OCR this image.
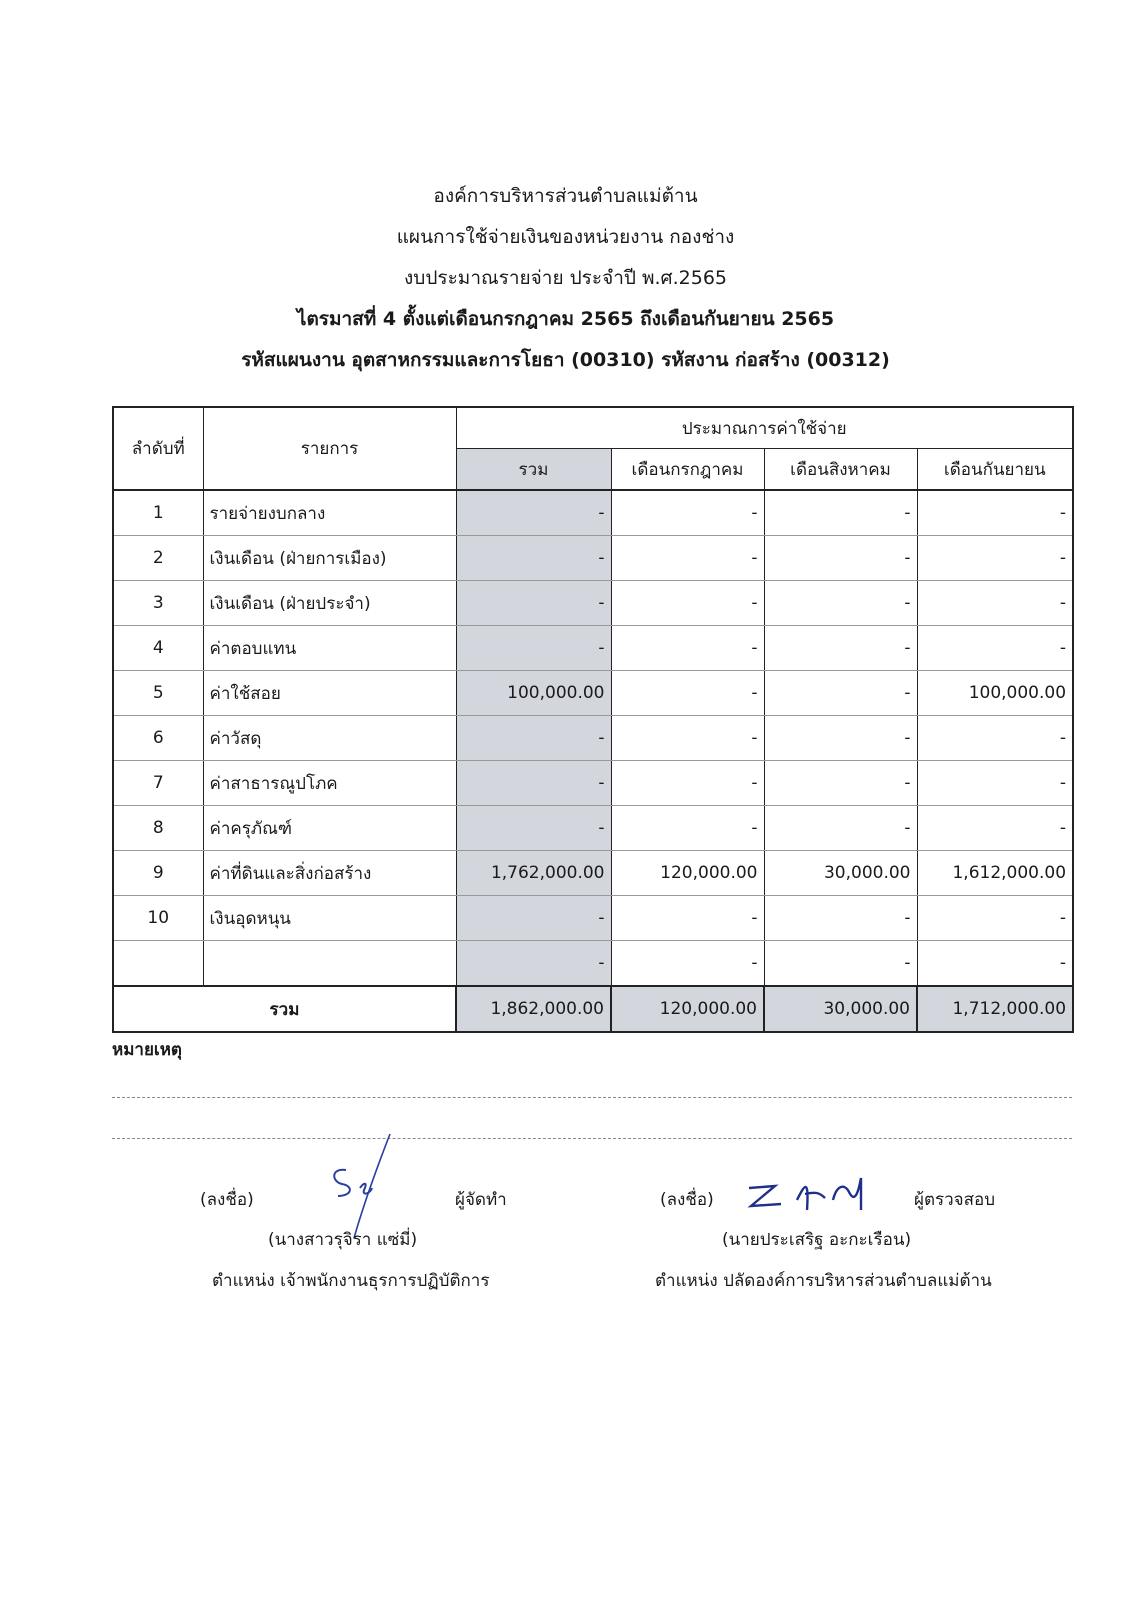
องค์การบริหารส่วนตำบลแม่ต้าน
แผนการใช้จ่ายเงินของหน่วยงาน กองช่าง
งบประมาณรายจ่าย ประจำปี พ.ศ.2565
ไตรมาสที่ 4 ตั้งแต่เดือนกรกฎาคม 2565 ถึงเดือนกันยายน 2565
รหัสแผนงาน อุตสาหกรรมและการโยธา (00310) รหัสงาน ก่อสร้าง (00312)
ลำดับที่	รายการ	ประมาณการค่าใช้จ่าย			
		รวม	เดือนกรกฎาคม	เดือนสิงหาคม	เดือนกันยายน
1	รายจ่ายงบกลาง	-	-	-	-
2	เงินเดือน (ฝ่ายการเมือง)	-	-	-	-
3	เงินเดือน (ฝ่ายประจำ)	-	-	-	-
4	ค่าตอบแทน	-	-	-	-
5	ค่าใช้สอย	100,000.00	-	-	100,000.00
6	ค่าวัสดุ	-	-	-	-
7	ค่าสาธารณูปโภค	-	-	-	-
8	ค่าครุภัณฑ์	-	-	-	-
9	ค่าที่ดินและสิ่งก่อสร้าง	1,762,000.00	120,000.00	30,000.00	1,612,000.00
10	เงินอุดหนุน	-	-	-	-
		-	-	-	-
รวม		1,862,000.00	120,000.00	30,000.00	1,712,000.00
หมายเหตุ
(ลงชื่อ)	ผู้จัดทำ
(นางสาวรุจิรา แซ่มี่)
ตำแหน่ง เจ้าพนักงานธุรการปฏิบัติการ
(ลงชื่อ)	ผู้ตรวจสอบ
(นายประเสริฐ อะกะเรือน)
ตำแหน่ง ปลัดองค์การบริหารส่วนตำบลแม่ต้าน
